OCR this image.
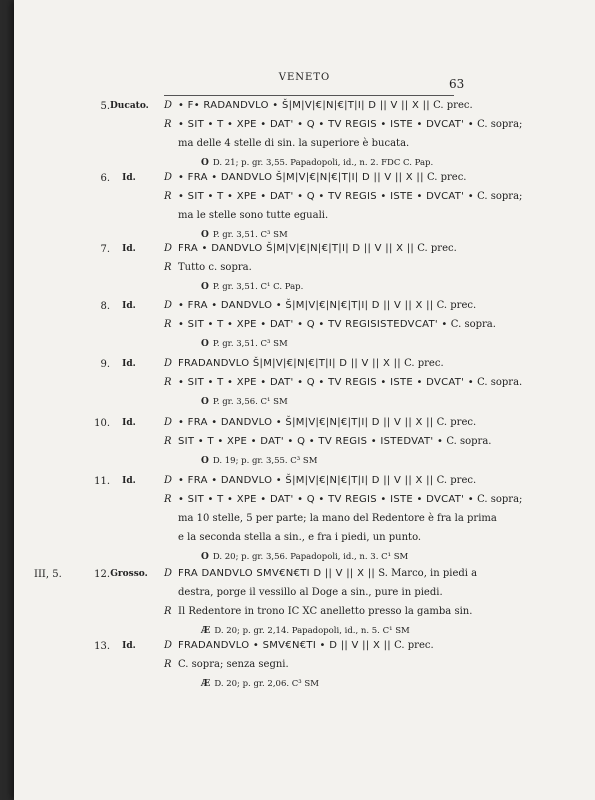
VENETO	63
5. Ducato. D • F• RADANDVLO • Š|M|V|€|N|€|T|I| D || V || X || C. prec.
R • SIT • T • XPE • DAT' • Q • TV REGIS • ISTE • DVCAT' • C. sopra;
ma delle 4 stelle di sin. la superiore è bucata.
O D. 21; p. gr. 3,55. Papadopoli, id., n. 2. FDC C. Pap.
6.	Id.	D • FRA • DANDVLO Š|M|V|€|N|€|T|I| D || V || X || C. prec.
R • SIT • T • XPE • DAT' • Q • TV REGIS • ISTE • DVCAT' • C. sopra;
ma le stelle sono tutte eguali.
O P. gr. 3,51. C³ SM
7.	Id.	D FRA • DANDVLO Š|M|V|€|N|€|T|I| D || V || X || C. prec.
R Tutto c. sopra.
O P. gr. 3,51. C¹ C. Pap.
8.	Id.	D • FRA • DANDVLO • Š|M|V|€|N|€|T|I| D || V || X || C. prec.
R • SIT • T • XPE • DAT' • Q • TV REGISISTEDVCAT' • C. sopra.
O P. gr. 3,51. C³ SM
9.	Id.	D FRADANDVLO Š|M|V|€|N|€|T|I| D || V || X || C. prec.
R • SIT • T • XPE • DAT' • Q • TV REGIS • ISTE • DVCAT' • C. sopra.
O P. gr. 3,56. C¹ SM
10.	Id.	D • FRA • DANDVLO • Š|M|V|€|N|€|T|I| D || V || X || C. prec.
R SIT • T • XPE • DAT' • Q • TV REGIS • ISTEDVAT' • C. sopra.
O D. 19; p. gr. 3,55. C³ SM
11.	Id.	D • FRA • DANDVLO • Š|M|V|€|N|€|T|I| D || V || X || C. prec.
R • SIT • T • XPE • DAT' • Q • TV REGIS • ISTE • DVCAT' • C. sopra;
ma 10 stelle, 5 per parte; la mano del Redentore è fra la prima
e la seconda stella a sin., e fra i piedi, un punto.
O D. 20; p. gr. 3,56. Papadopoli, id., n. 3. C¹ SM
III, 5.	12. Grosso. D FRA DANDVLO SMV€N€TI D || V || X || S. Marco, in piedi a
destra, porge il vessillo al Doge a sin., pure in piedi.
R Il Redentore in trono IC XC anelletto presso la gamba sin.
Æ D. 20; p. gr. 2,14. Papadopoli, id., n. 5. C¹ SM
13.	Id.	D FRADANDVLO • SMV€N€TI • D || V || X || C. prec.
R C. sopra; senza segni.
Æ D. 20; p. gr. 2,06. C³ SM
